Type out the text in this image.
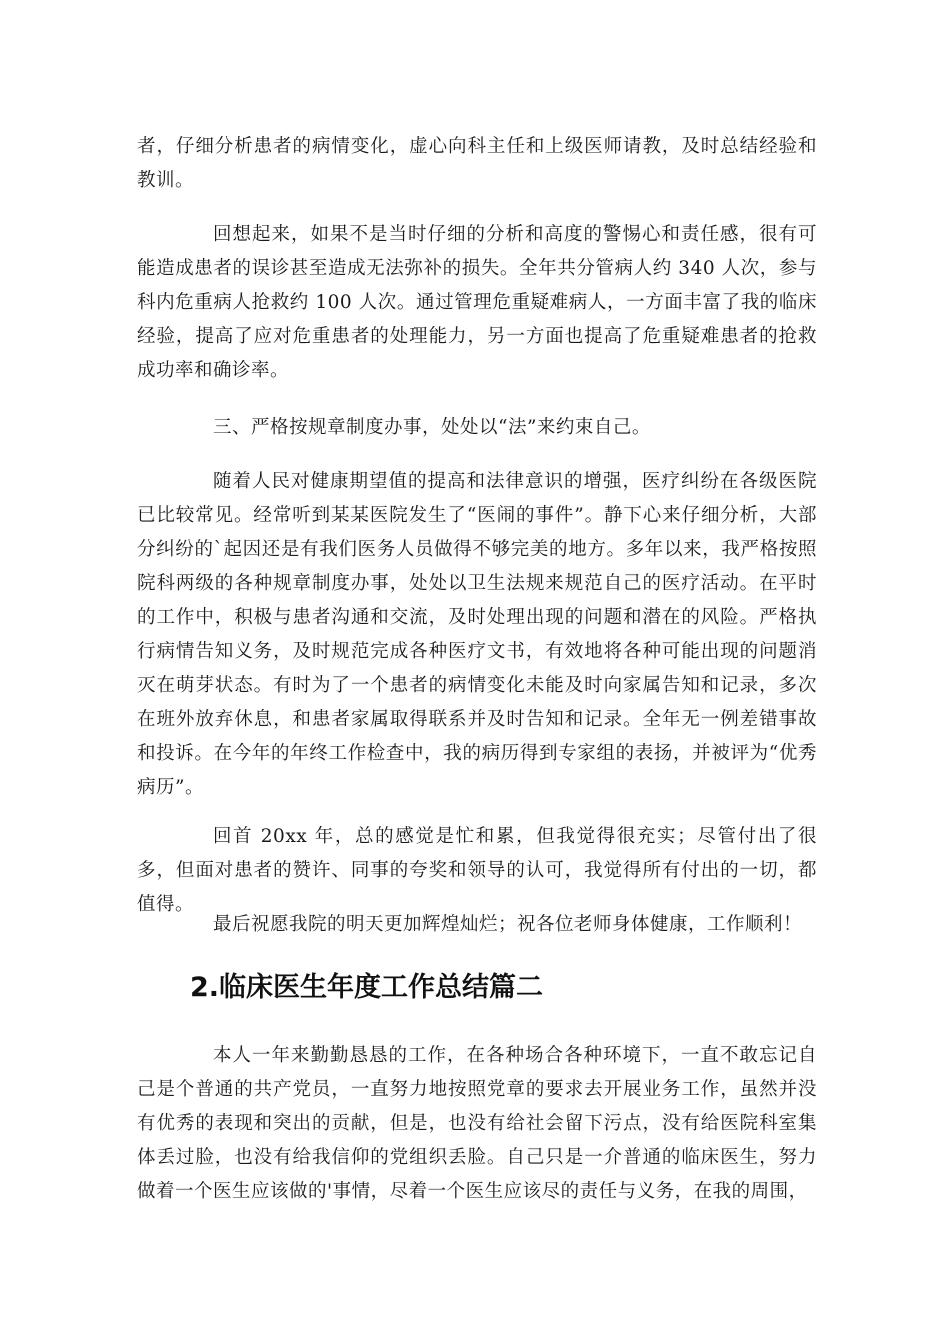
者，仔细分析患者的病情变化，虚心向科主任和上级医师请教，及时总结经验和教训。

回想起来，如果不是当时仔细的分析和高度的警惕心和责任感，很有可能造成患者的误诊甚至造成无法弥补的损失。全年共分管病人约 340 人次，参与科内危重病人抢救约 100 人次。通过管理危重疑难病人，一方面丰富了我的临床经验，提高了应对危重患者的处理能力，另一方面也提高了危重疑难患者的抢救成功率和确诊率。

三、严格按规章制度办事，处处以“法”来约束自己。

随着人民对健康期望值的提高和法律意识的增强，医疗纠纷在各级医院已比较常见。经常听到某某医院发生了“医闹的事件”。静下心来仔细分析，大部分纠纷的`起因还是有我们医务人员做得不够完美的地方。多年以来，我严格按照院科两级的各种规章制度办事，处处以卫生法规来规范自己的医疗活动。在平时的工作中，积极与患者沟通和交流，及时处理出现的问题和潜在的风险。严格执行病情告知义务，及时规范完成各种医疗文书，有效地将各种可能出现的问题消灭在萌芽状态。有时为了一个患者的病情变化未能及时向家属告知和记录，多次在班外放弃休息，和患者家属取得联系并及时告知和记录。全年无一例差错事故和投诉。在今年的年终工作检查中，我的病历得到专家组的表扬，并被评为“优秀病历”。

回首 20xx 年，总的感觉是忙和累，但我觉得很充实；尽管付出了很多，但面对患者的赞许、同事的夸奖和领导的认可，我觉得所有付出的一切，都值得。

最后祝愿我院的明天更加辉煌灿烂；祝各位老师身体健康，工作顺利！

2.临床医生年度工作总结篇二

本人一年来勤勤恳恳的工作，在各种场合各种环境下，一直不敢忘记自己是个普通的共产党员，一直努力地按照党章的要求去开展业务工作，虽然并没有优秀的表现和突出的贡献，但是，也没有给社会留下污点，没有给医院科室集体丢过脸，也没有给我信仰的党组织丢脸。自己只是一介普通的临床医生，努力做着一个医生应该做的'事情，尽着一个医生应该尽的责任与义务，在我的周围，
